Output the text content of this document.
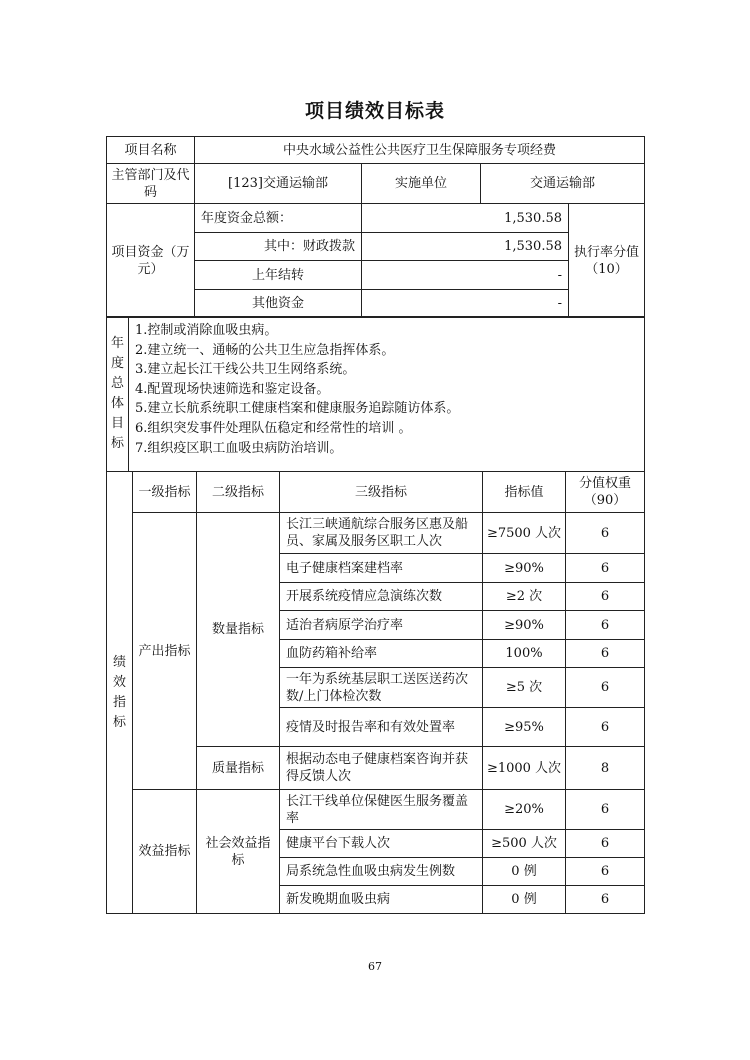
项目绩效目标表
项目名称	中央水域公益性公共医疗卫生保障服务专项经费		
主管部门及代码	[123]交通运输部	实施单位 交通运输部	

项目资金（万元）	年度资金总额：	1,530.58	执行率分值（10）
	其中：财政拨款	1,530.58	
	上年结转	-	
	其他资金	-	
年
度
总
体
目
标

1.控制或消除血吸虫病。
2.建立统一、通畅的公共卫生应急指挥体系。
3.建立起长江干线公共卫生网络系统。
4.配置现场快速筛选和鉴定设备。
5.建立长航系统职工健康档案和健康服务追踪随访体系。
6.组织突发事件处理队伍稳定和经常性的培训 。
7.组织疫区职工血吸虫病防治培训。
绩
效
指
标	一级指标	二级指标	三级指标	指标值	分值权重（90）
	产出指标	数量指标	长江三峡通航综合服务区惠及船员、家属及服务区职工人次	≥7500 人次	6
			电子健康档案建档率	≥90%	6
			开展系统疫情应急演练次数	≥2 次	6
			适治者病原学治疗率	≥90%	6
			血防药箱补给率	100%	6
			一年为系统基层职工送医送药次数/上门体检次数	≥5 次	6
			疫情及时报告率和有效处置率	≥95%	6
		质量指标	根据动态电子健康档案咨询并获得反馈人次	≥1000 人次	8
	效益指标	社会效益指标	长江干线单位保健医生服务覆盖率	≥20%	6
			健康平台下载人次	≥500 人次	6
			局系统急性血吸虫病发生例数	0 例	6
			新发晚期血吸虫病	0 例	6
67
